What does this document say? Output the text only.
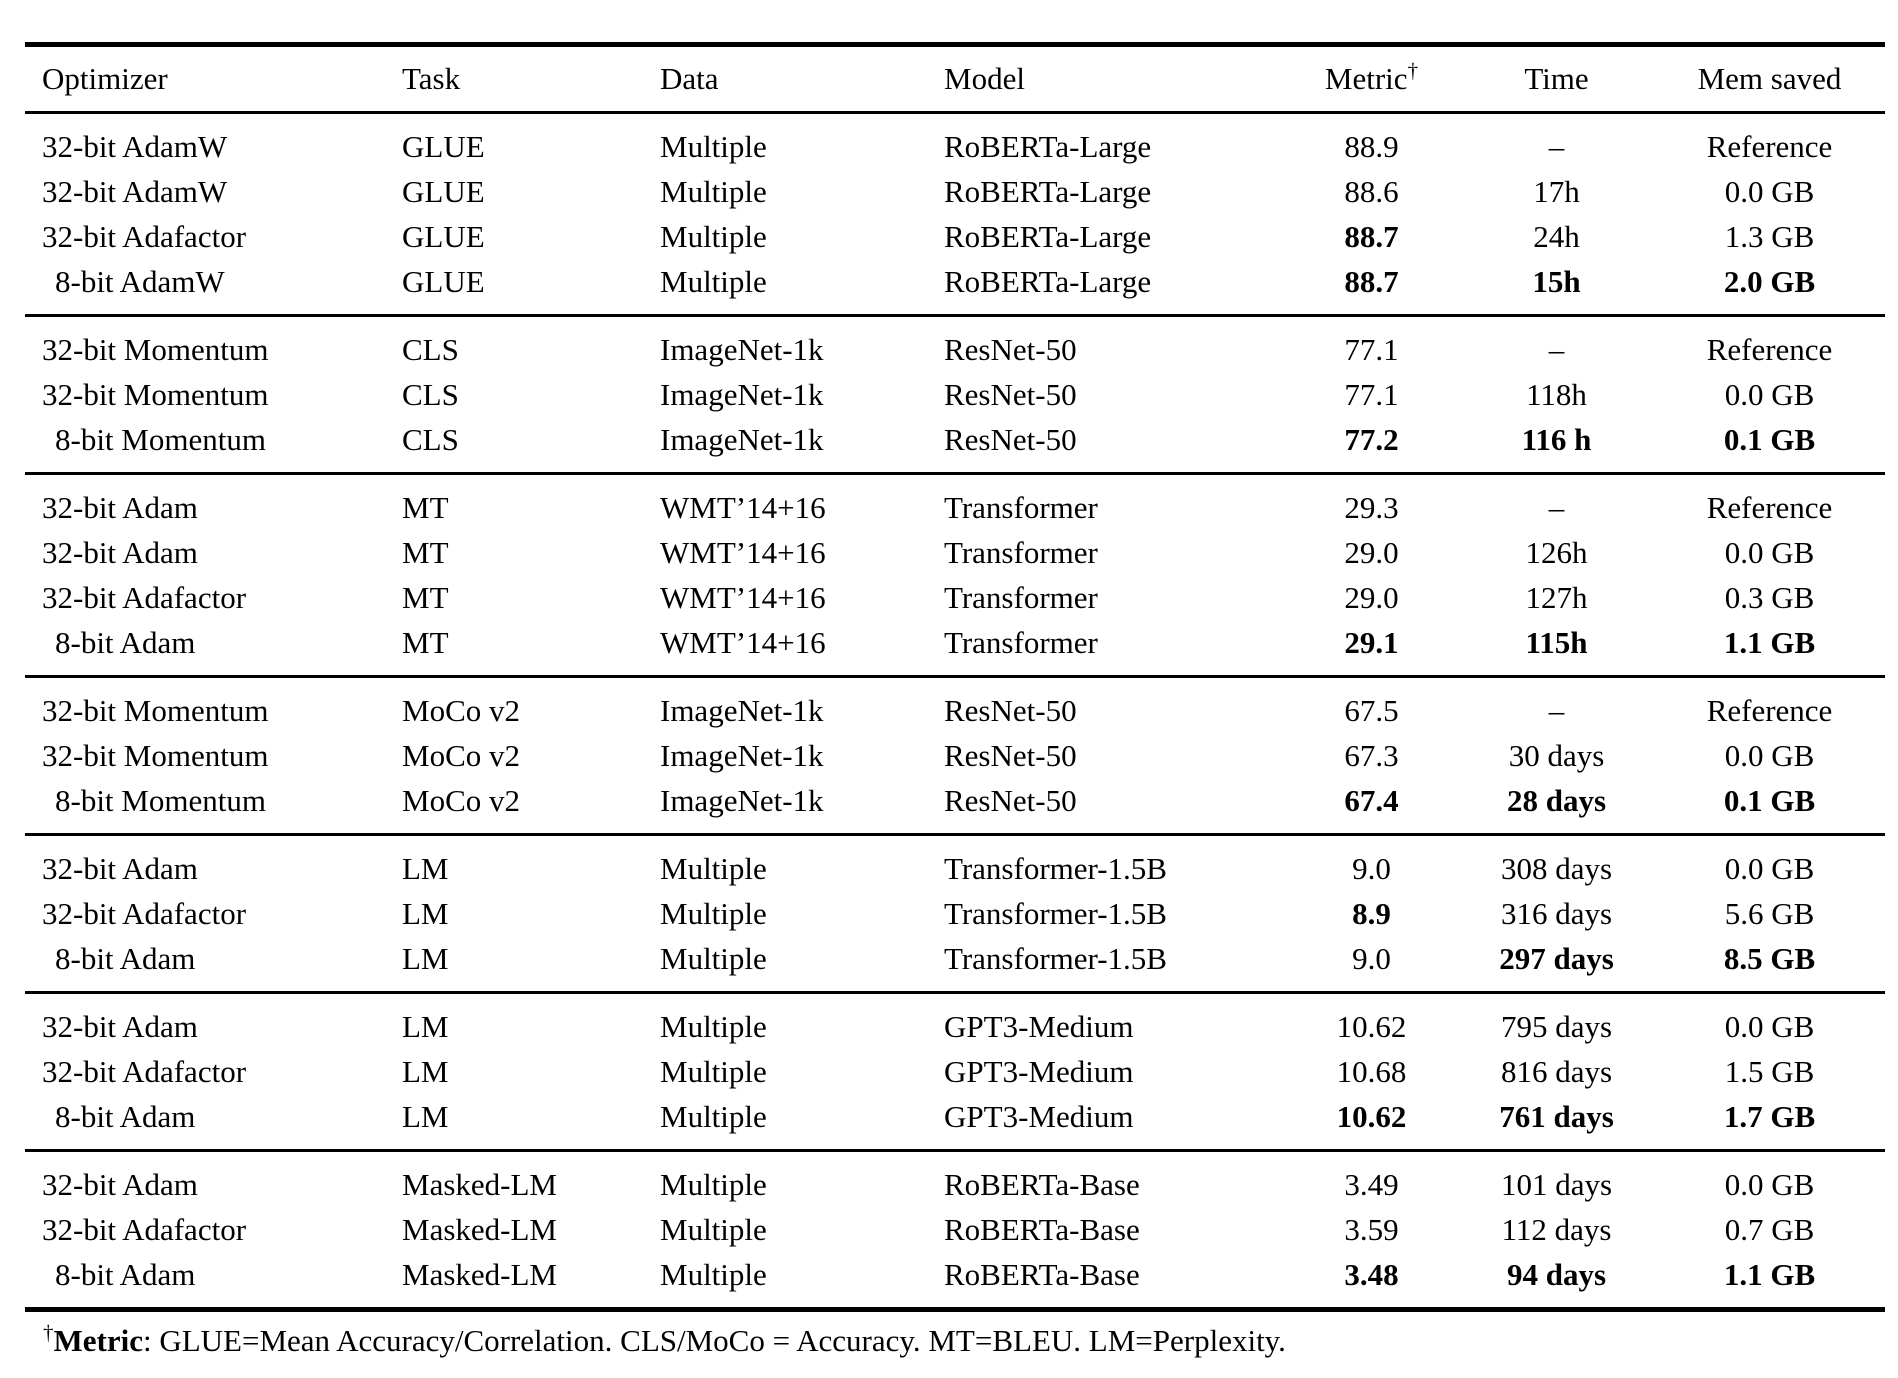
Optimizer	Task	Data	Model	Metric†	Time	Mem saved
32-bit AdamW	GLUE	Multiple	RoBERTa-Large	88.9	–	Reference
32-bit AdamW	GLUE	Multiple	RoBERTa-Large	88.6	17h	0.0 GB
32-bit Adafactor	GLUE	Multiple	RoBERTa-Large	88.7	24h	1.3 GB
8-bit AdamW	GLUE	Multiple	RoBERTa-Large	88.7	15h	2.0 GB
32-bit Momentum	CLS	ImageNet-1k	ResNet-50	77.1	–	Reference
32-bit Momentum	CLS	ImageNet-1k	ResNet-50	77.1	118h	0.0 GB
8-bit Momentum	CLS	ImageNet-1k	ResNet-50	77.2	116 h	0.1 GB
32-bit Adam	MT	WMT’14+16	Transformer	29.3	–	Reference
32-bit Adam	MT	WMT’14+16	Transformer	29.0	126h	0.0 GB
32-bit Adafactor	MT	WMT’14+16	Transformer	29.0	127h	0.3 GB
8-bit Adam	MT	WMT’14+16	Transformer	29.1	115h	1.1 GB
32-bit Momentum	MoCo v2	ImageNet-1k	ResNet-50	67.5	–	Reference
32-bit Momentum	MoCo v2	ImageNet-1k	ResNet-50	67.3	30 days	0.0 GB
8-bit Momentum	MoCo v2	ImageNet-1k	ResNet-50	67.4	28 days	0.1 GB
32-bit Adam	LM	Multiple	Transformer-1.5B	9.0	308 days	0.0 GB
32-bit Adafactor	LM	Multiple	Transformer-1.5B	8.9	316 days	5.6 GB
8-bit Adam	LM	Multiple	Transformer-1.5B	9.0	297 days	8.5 GB
32-bit Adam	LM	Multiple	GPT3-Medium	10.62	795 days	0.0 GB
32-bit Adafactor	LM	Multiple	GPT3-Medium	10.68	816 days	1.5 GB
8-bit Adam	LM	Multiple	GPT3-Medium	10.62	761 days	1.7 GB
32-bit Adam	Masked-LM	Multiple	RoBERTa-Base	3.49	101 days	0.0 GB
32-bit Adafactor	Masked-LM	Multiple	RoBERTa-Base	3.59	112 days	0.7 GB
8-bit Adam	Masked-LM	Multiple	RoBERTa-Base	3.48	94 days	1.1 GB
†Metric: GLUE=Mean Accuracy/Correlation. CLS/MoCo = Accuracy. MT=BLEU. LM=Perplexity.
